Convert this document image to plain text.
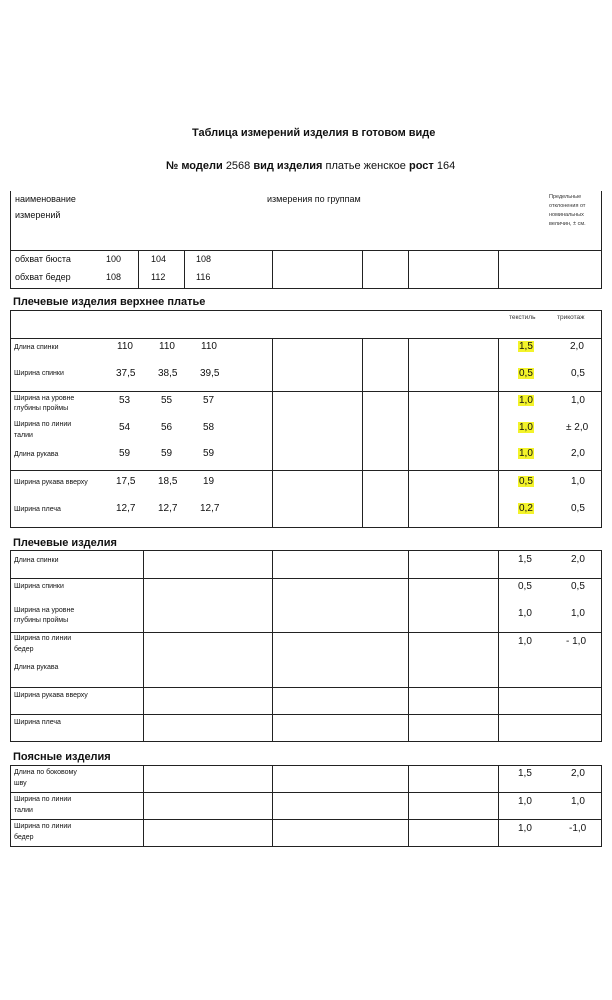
Таблица измерений изделия в готовом виде
№ модели 2568 вид изделия платье женское рост 164
наименование
измерений
измерения по группам	Предельные
отклонения от
номинальных
величин, ± см.
обхват бюста	100	104	108
обхват бедер	108	112	116
Плечевые изделия верхнее платье
текстиль	трикотаж
Длина спинки	110	110	110	1,5	2,0
Ширина спинки	37,5 38,5 39,5	0,5	0,5
Ширина на уровне
глубины проймы
53	55	57	1,0	1,0
Ширина по линии
талии
54	56	58	1,0	± 2,0
Длина рукава	59	59	59	1,0	2,0
Ширина рукава вверху	17,5 18,5	19	0,5	1,0
Ширина плеча	12,7 12,7 12,7	0,2	0,5
Плечевые изделия
Длина спинки	1,5	2,0
Ширина спинки	0,5	0,5
Ширина на уровне
глубины проймы
1,0	1,0
Ширина по линии
бедер
1,0	- 1,0
Длина рукава
Ширина рукава вверху
Ширина плеча
Поясные изделия
Длина по боковому
шву
1,5	2,0
Ширина по линии
талии
1,0	1,0
Ширина по линии
бедер
1,0	-1,0
